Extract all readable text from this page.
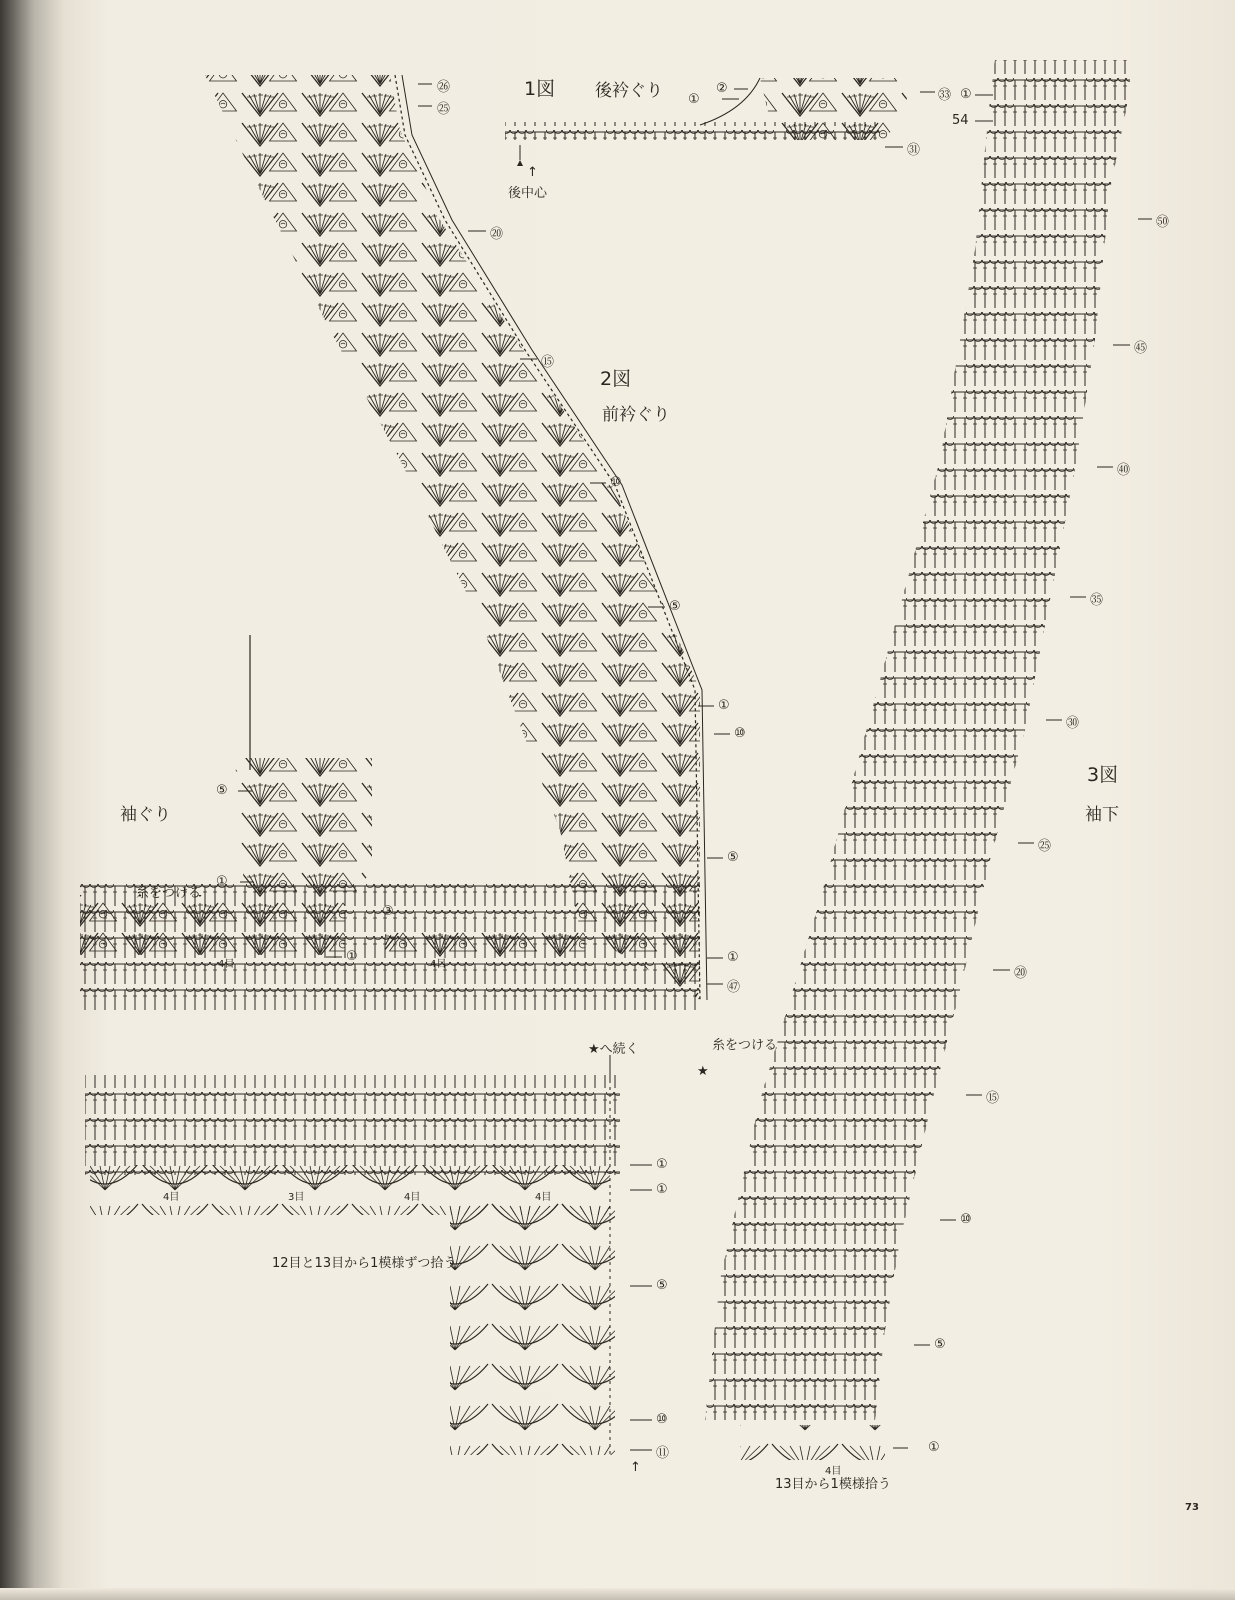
1図 後衿ぐり
後中心
2図
前衿ぐり
3図
袖下
袖ぐり
糸をつける
糸をつける
★
★へ続く
12目と13目から1模様ずつ拾う
13目から1模様拾う
4目	4目
4目	3目	4目	4目
4目
↑
↑
㉖
㉕
⑳
⑮
⑩
⑤
①
⑩
⑤
①
㊼
②
①	㉝
㉛
⑤
①
③
①
①
①
⑤
⑩
⑪
①
54
㊿
㊺
㊵
㉟
㉚
㉕
⑳
⑮
⑩
⑤
①
73
